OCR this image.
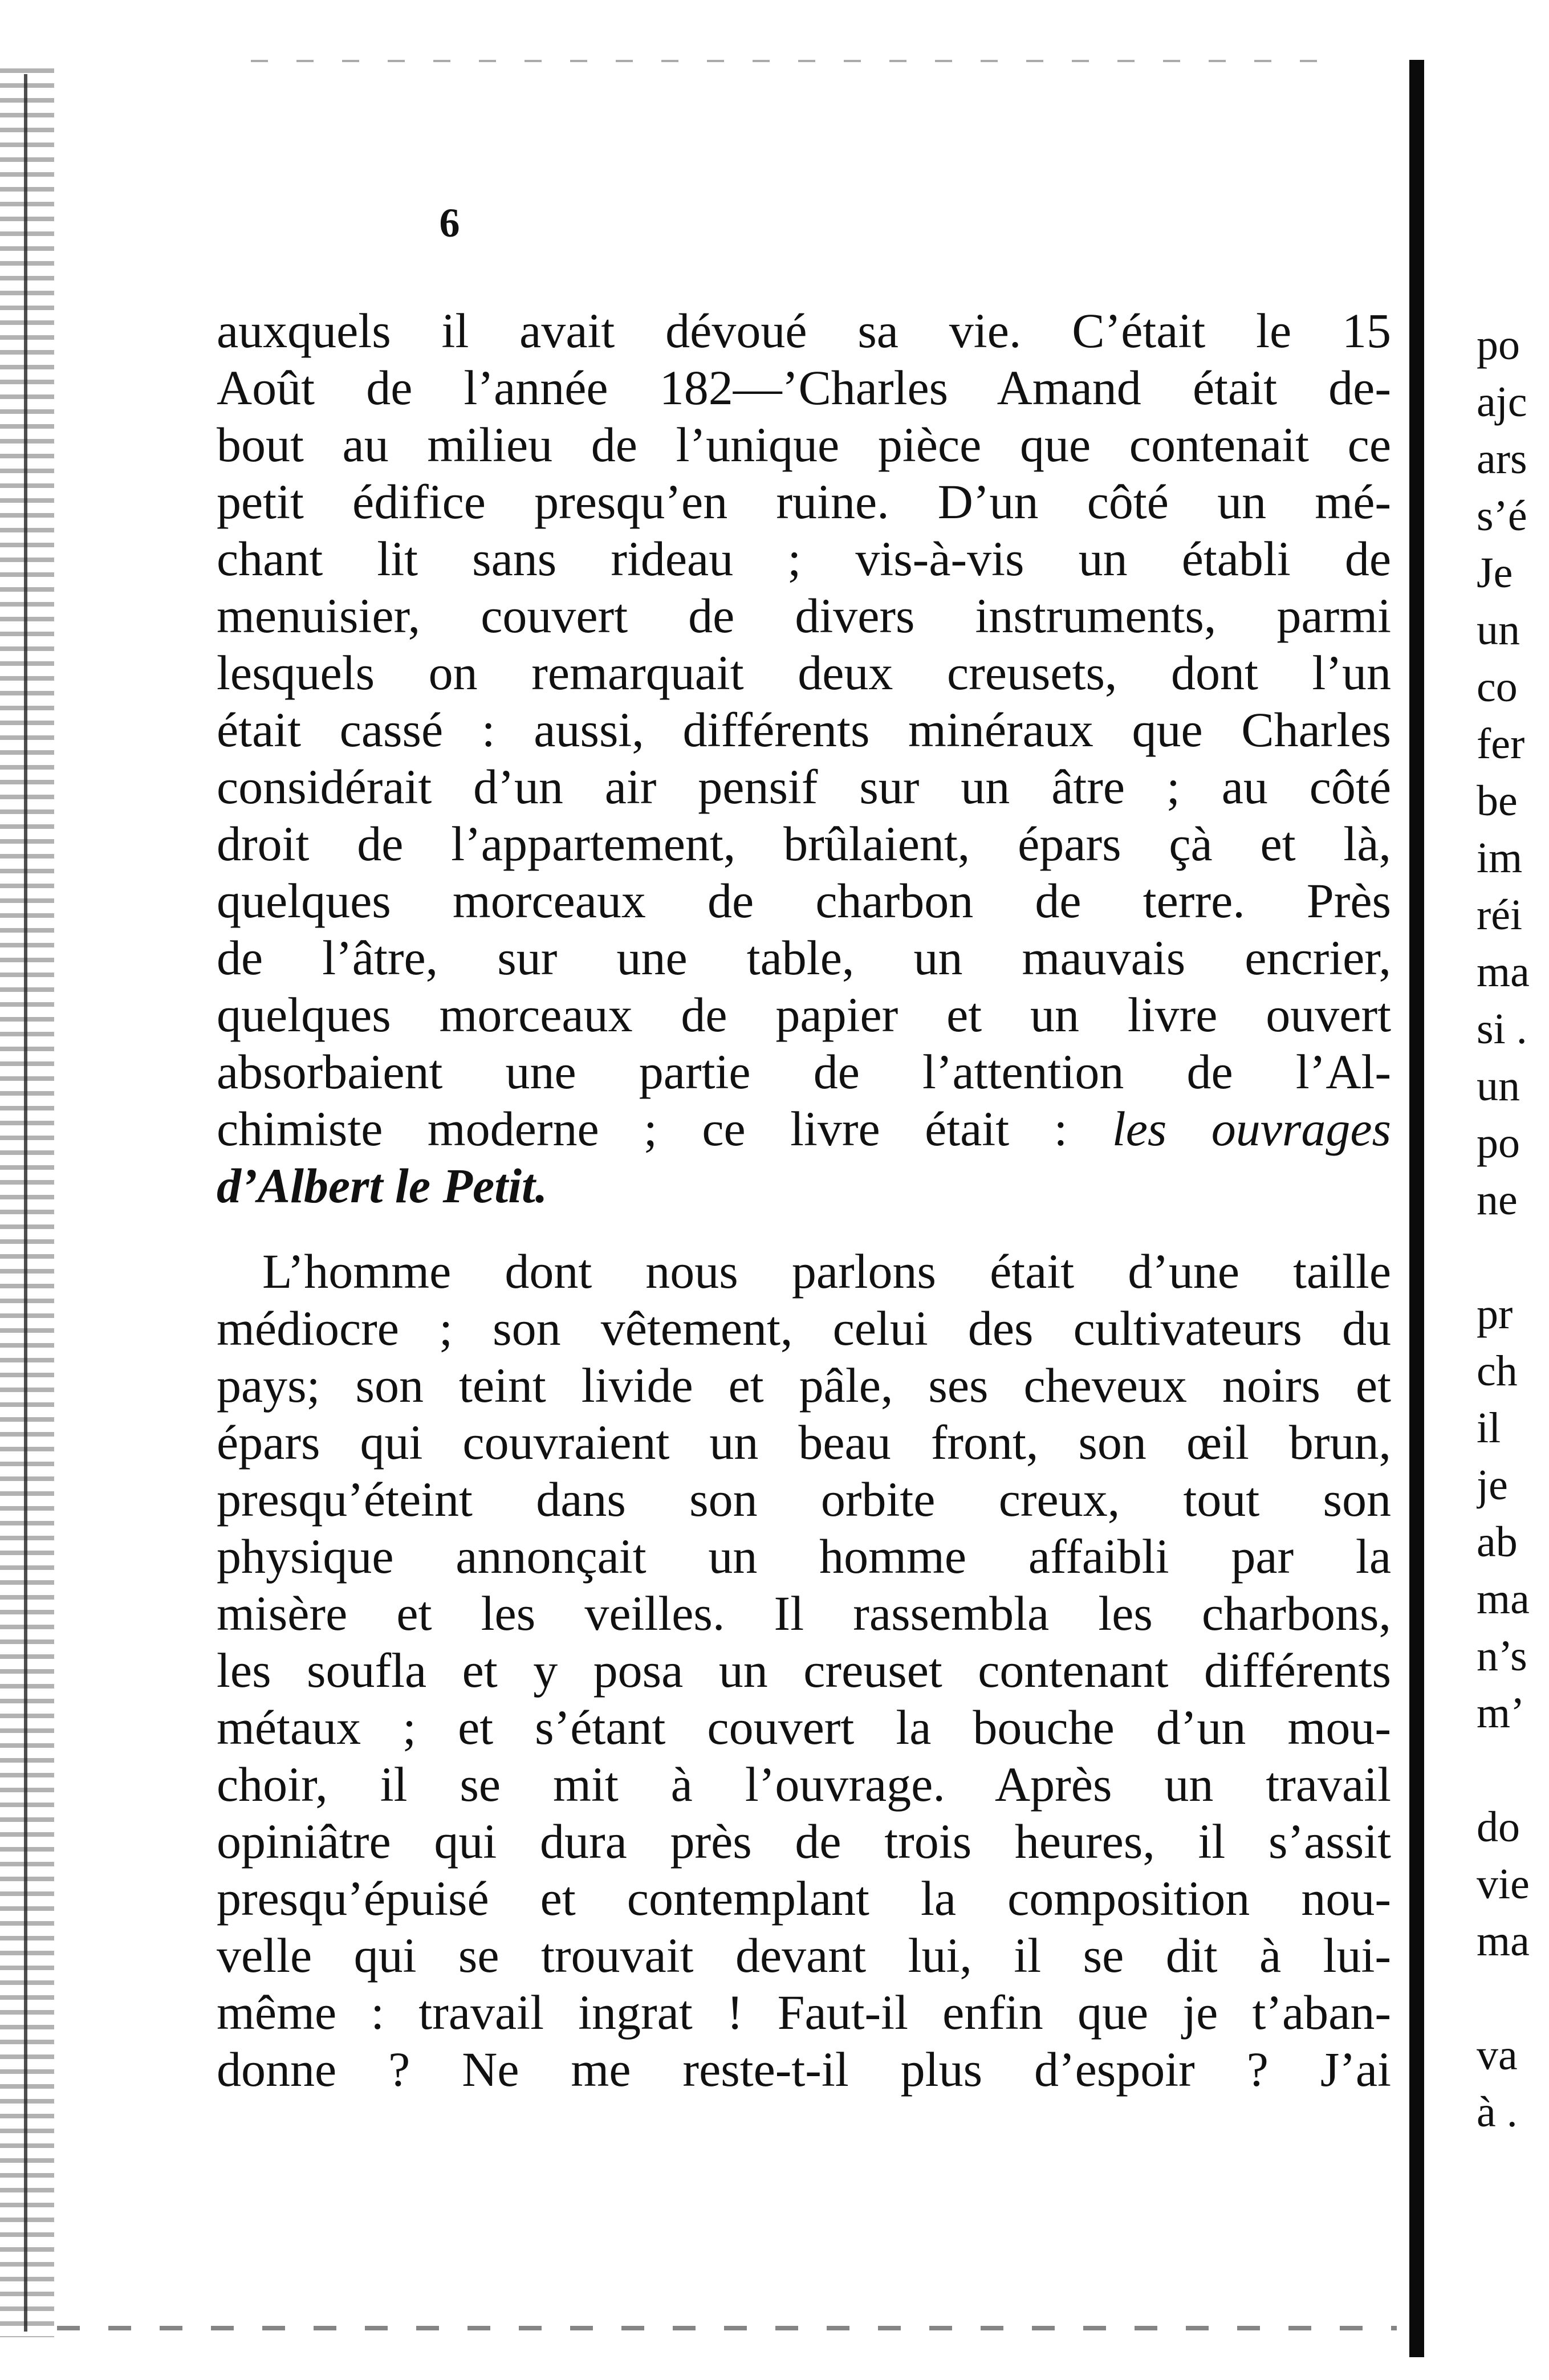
6
auxquels il avait dévoué sa vie. C’était le 15
Août de l’année 182—’Charles Amand était de-
bout au milieu de l’unique pièce que contenait ce
petit édifice presqu’en ruine. D’un côté un mé-
chant lit sans rideau ; vis-à-vis un établi de
menuisier, couvert de divers instruments, parmi
lesquels on remarquait deux creusets, dont l’un
était cassé : aussi, différents minéraux que Charles
considérait d’un air pensif sur un âtre ; au côté
droit de l’appartement, brûlaient, épars çà et là,
quelques morceaux de charbon de terre. Près
de l’âtre, sur une table, un mauvais encrier,
quelques morceaux de papier et un livre ouvert
absorbaient une partie de l’attention de l’Al-
chimiste moderne ; ce livre était : les ouvrages
d’Albert le Petit.
L’homme dont nous parlons était d’une taille
médiocre ; son vêtement, celui des cultivateurs du
pays; son teint livide et pâle, ses cheveux noirs et
épars qui couvraient un beau front, son œil brun,
presqu’éteint dans son orbite creux, tout son
physique annonçait un homme affaibli par la
misère et les veilles. Il rassembla les charbons,
les soufla et y posa un creuset contenant différents
métaux ; et s’étant couvert la bouche d’un mou-
choir, il se mit à l’ouvrage. Après un travail
opiniâtre qui dura près de trois heures, il s’assit
presqu’épuisé et contemplant la composition nou-
velle qui se trouvait devant lui, il se dit à lui-
même : travail ingrat ! Faut-il enfin que je t’aban-
donne ? Ne me reste-t-il plus d’espoir ? J’ai
po
ajc
ars
s’é
Je
un
co
fer
be
im
réi
ma
si .
un
po
ne
pr
ch
il
je
ab
ma
n’s
m’
do
vie
ma
va
à .
